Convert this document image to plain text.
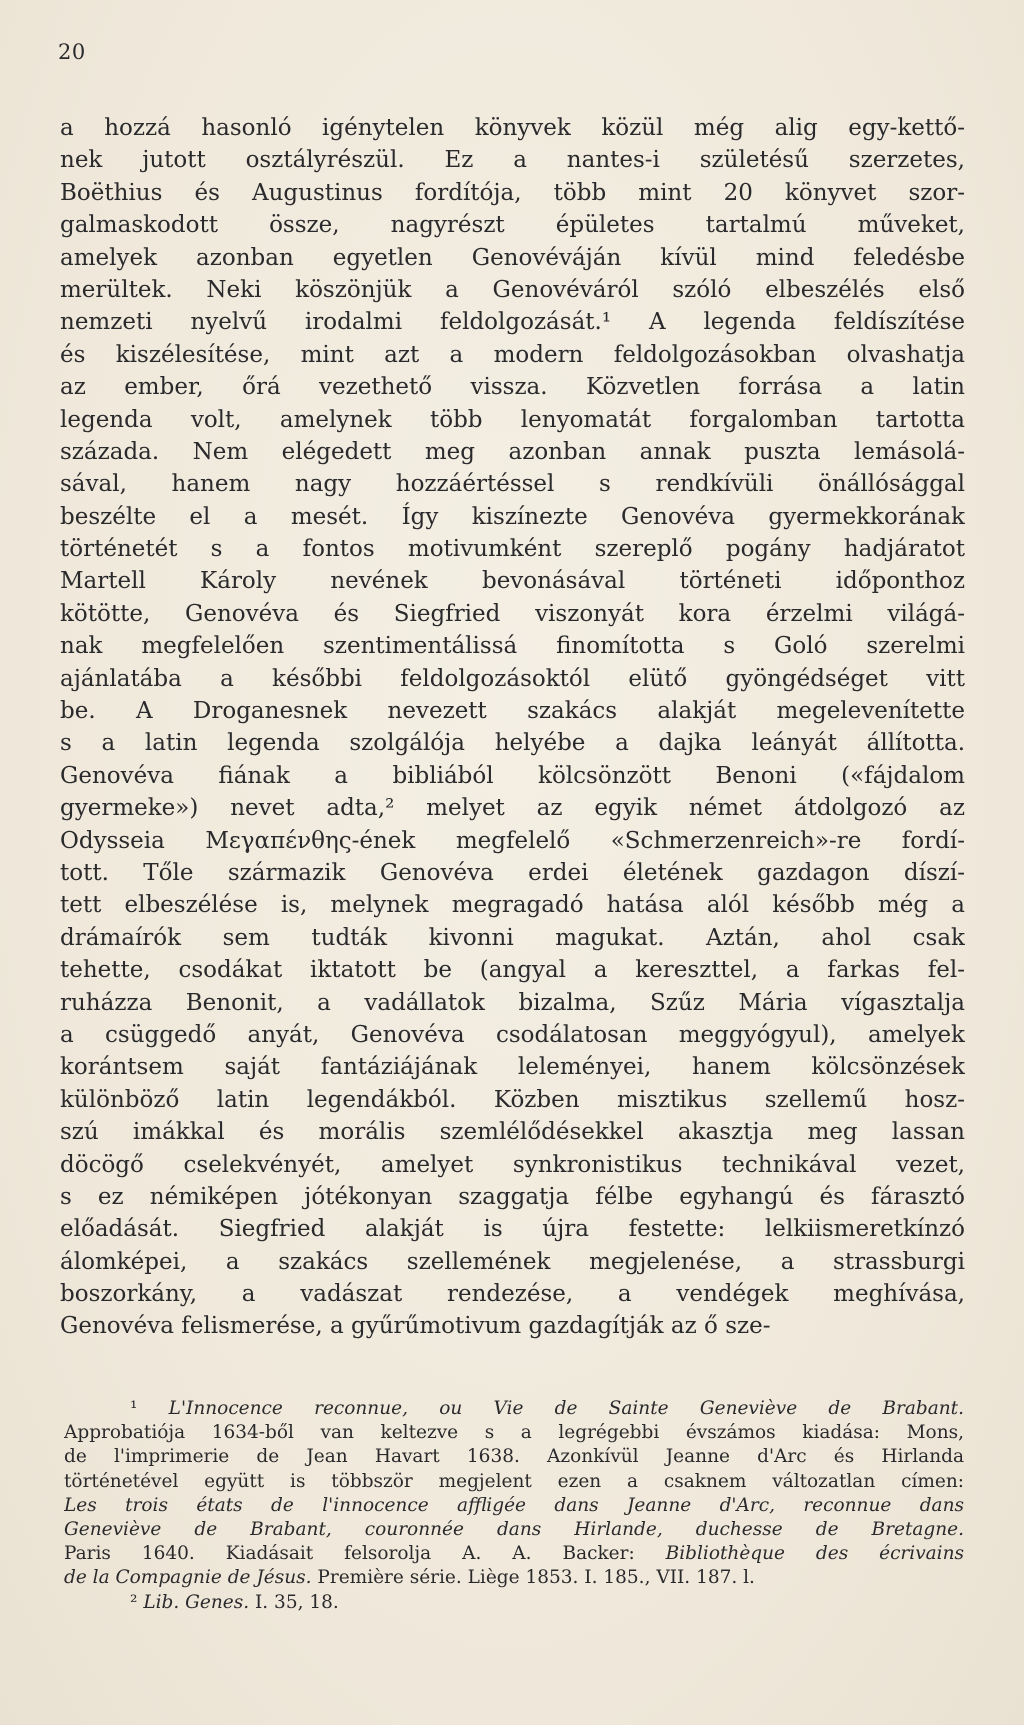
20
a hozzá hasonló igénytelen könyvek közül még alig egy-kettő-
nek jutott osztályrészül. Ez a nantes-i születésű szerzetes,
Boëthius és Augustinus fordítója, több mint 20 könyvet szor-
galmaskodott össze, nagyrészt épületes tartalmú műveket,
amelyek azonban egyetlen Genovéváján kívül mind feledésbe
merültek. Neki köszönjük a Genovéváról szóló elbeszélés első
nemzeti nyelvű irodalmi feldolgozását.¹ A legenda feldíszítése
és kiszélesítése, mint azt a modern feldolgozásokban olvashatja
az ember, őrá vezethető vissza. Közvetlen forrása a latin
legenda volt, amelynek több lenyomatát forgalomban tartotta
százada. Nem elégedett meg azonban annak puszta lemásolá-
sával, hanem nagy hozzáértéssel s rendkívüli önállósággal
beszélte el a mesét. Így kiszínezte Genovéva gyermekkorának
történetét s a fontos motivumként szereplő pogány hadjáratot
Martell Károly nevének bevonásával történeti időponthoz
kötötte, Genovéva és Siegfried viszonyát kora érzelmi világá-
nak megfelelően szentimentálissá finomította s Goló szerelmi
ajánlatába a későbbi feldolgozásoktól elütő gyöngédséget vitt
be. A Droganesnek nevezett szakács alakját megelevenítette
s a latin legenda szolgálója helyébe a dajka leányát állította.
Genovéva fiának a bibliából kölcsönzött Benoni («fájdalom
gyermeke») nevet adta,² melyet az egyik német átdolgozó az
Odysseia Μεγαπένθης-ének megfelelő «Schmerzenreich»-re fordí-
tott. Tőle származik Genovéva erdei életének gazdagon díszí-
tett elbeszélése is, melynek megragadó hatása alól később még a
drámaírók sem tudták kivonni magukat. Aztán, ahol csak
tehette, csodákat iktatott be (angyal a kereszttel, a farkas fel-
ruházza Benonit, a vadállatok bizalma, Szűz Mária vígasztalja
a csüggedő anyát, Genovéva csodálatosan meggyógyul), amelyek
korántsem saját fantáziájának leleményei, hanem kölcsönzések
különböző latin legendákból. Közben misztikus szellemű hosz-
szú imákkal és morális szemlélődésekkel akasztja meg lassan
döcögő cselekvényét, amelyet synkronistikus technikával vezet,
s ez némiképen jótékonyan szaggatja félbe egyhangú és fárasztó
előadását. Siegfried alakját is újra festette: lelkiismeretkínzó
álomképei, a szakács szellemének megjelenése, a strassburgi
boszorkány, a vadászat rendezése, a vendégek meghívása,
Genovéva felismerése, a gyűrűmotivum gazdagítják az ő sze-
¹ L'Innocence reconnue, ou Vie de Sainte Geneviève de Brabant.
Approbatiója 1634-ből van keltezve s a legrégebbi évszámos kiadása: Mons,
de l'imprimerie de Jean Havart 1638. Azonkívül Jeanne d'Arc és Hirlanda
történetével együtt is többször megjelent ezen a csaknem változatlan címen:
Les trois états de l'innocence affligée dans Jeanne d'Arc, reconnue dans
Geneviève de Brabant, couronnée dans Hirlande, duchesse de Bretagne.
Paris 1640. Kiadásait felsorolja A. A. Backer: Bibliothèque des écrivains
de la Compagnie de Jésus. Première série. Liège 1853. I. 185., VII. 187. l.
² Lib. Genes. I. 35, 18.
